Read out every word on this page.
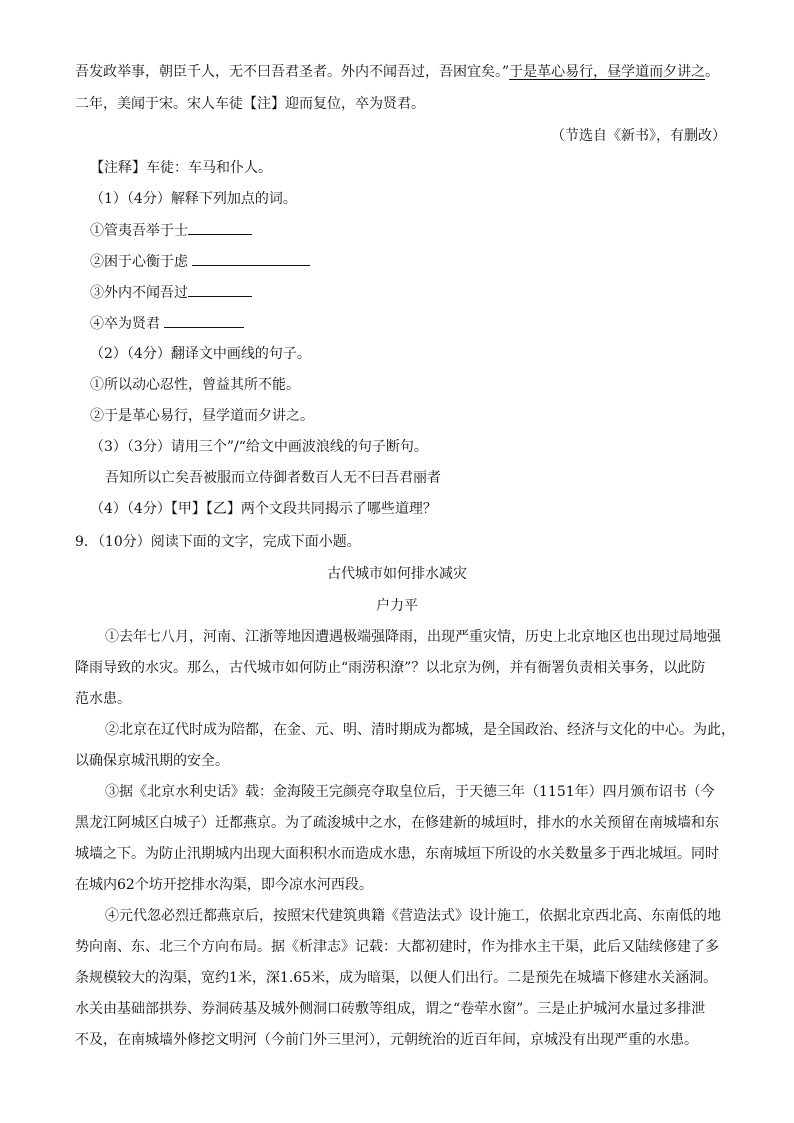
吾发政举事，朝臣千人，无不曰吾君圣者。外内不闻吾过，吾困宜矣。”于是革心易行，昼学道而夕讲之。
二年，美闻于宋。宋人车徒【注】迎而复位，卒为贤君。
（节选自《新书》，有删改）
【注释】车徒：车马和仆人。
（1）（4分）解释下列加点的词。
①管夷吾举于士
②困于心衡于虑
③外内不闻吾过
④卒为贤君
（2）（4分）翻译文中画线的句子。
①所以动心忍性，曾益其所不能。
②于是革心易行，昼学道而夕讲之。
（3）（3分）请用三个”/“给文中画波浪线的句子断句。
吾知所以亡矣吾被服而立侍御者数百人无不曰吾君丽者
（4）（4分）【甲】【乙】两个文段共同揭示了哪些道理？
9．（10分）阅读下面的文字，完成下面小题。
古代城市如何排水减灾
户力平
①去年七八月，河南、江浙等地因遭遇极端强降雨，出现严重灾情，历史上北京地区也出现过局地强
降雨导致的水灾。那么，古代城市如何防止“雨涝积潦”？以北京为例，并有衙署负责相关事务，以此防
范水患。
②北京在辽代时成为陪都，在金、元、明、清时期成为都城，是全国政治、经济与文化的中心。为此，
以确保京城汛期的安全。
③据《北京水利史话》载：金海陵王完颜亮夺取皇位后，于天德三年（1151年）四月颁布诏书（今
黑龙江阿城区白城子）迁都燕京。为了疏浚城中之水，在修建新的城垣时，排水的水关预留在南城墙和东
城墙之下。为防止汛期城内出现大面积积水而造成水患，东南城垣下所设的水关数量多于西北城垣。同时
在城内62个坊开挖排水沟渠，即今凉水河西段。
④元代忽必烈迁都燕京后，按照宋代建筑典籍《营造法式》设计施工，依据北京西北高、东南低的地
势向南、东、北三个方向布局。据《析津志》记载：大都初建时，作为排水主干渠，此后又陆续修建了多
条规模较大的沟渠，宽约1米，深1.65米，成为暗渠，以便人们出行。二是预先在城墙下修建水关涵洞。
水关由基础部拱券、券洞砖基及城外侧洞口砖敷等组成，谓之“卷荦水窗”。三是止护城河水量过多排泄
不及，在南城墙外修挖文明河（今前门外三里河），元朝统治的近百年间，京城没有出现严重的水患。
